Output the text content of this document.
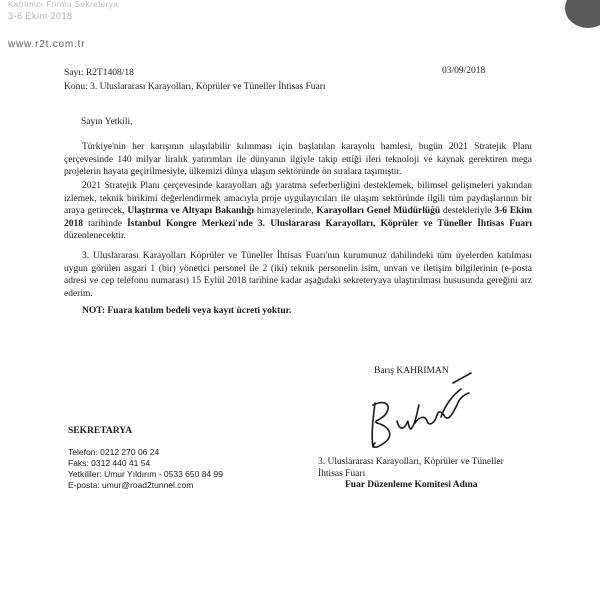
Katılımcı Formu Sekreterya
3-6 Ekim 2018
www.r2t.com.tr
Sayı: R2T1408/18
Konu: 3. Uluslararası Karayolları, Köprüler ve Tüneller İhtisas Fuarı
03/09/2018
Sayın Yetkili,

Türkiye'nin her karışının ulaşılabilir kılınması için başlatılan karayolu hamlesi, bugün 2021 Stratejik Planı çerçevesinde 140 milyar liralık yatırımları ile dünyanın ilgiyle takip ettiği ileri teknoloji ve kaynak gerektiren mega projelerin hayata geçirilmesiyle, ülkemizi dünya ulaşım sektöründe ön sıralara taşımıştır.

2021 Stratejik Planı çerçevesinde karayolları ağı yaratma seferberliğini desteklemek, bilimsel gelişmeleri yakından izlemek, teknik birikimi değerlendirmek amacıyla proje uygulayıcıları ile ulaşım sektöründe ilgili tüm paydaşlarının bir araya getirecek, Ulaştırma ve Altyapı Bakanlığı himayelerinde, Karayolları Genel Müdürlüğü destekleriyle 3-6 Ekim 2018 tarihinde İstanbul Kongre Merkezi'nde 3. Uluslararası Karayolları, Köprüler ve Tüneller İhtisas Fuarı düzenlenecektir.

3. Uluslararası Karayolları Köprüler ve Tüneller İhtisas Fuarı'nın kurumunuz dahilindeki tüm üyelerden katılması uygun görülen asgari 1 (bir) yönetici personel ile 2 (iki) teknik personelin isim, unvan ve iletişim bilgilerinin (e-posta adresi ve cep telefonu numarası) 15 Eylül 2018 tarihine kadar aşağıdaki sekreteryaya ulaştırılması hususunda gereğini arz ederim.

NOT: Fuara katılım bedeli veya kayıt ücreti yoktur.
Barış KAHRIMAN
3. Uluslararası Karayolları, Köprüler ve Tüneller
İhtisas Fuarı
Fuar Düzenleme Komitesi Adına
SEKRETARYA
Telefon: 0212 270 06 24
Faks: 0312 440 41 54
Yetkililer: Umur Yıldırım - 0533 650 84 99
E-posta: umur@road2tunnel.com
